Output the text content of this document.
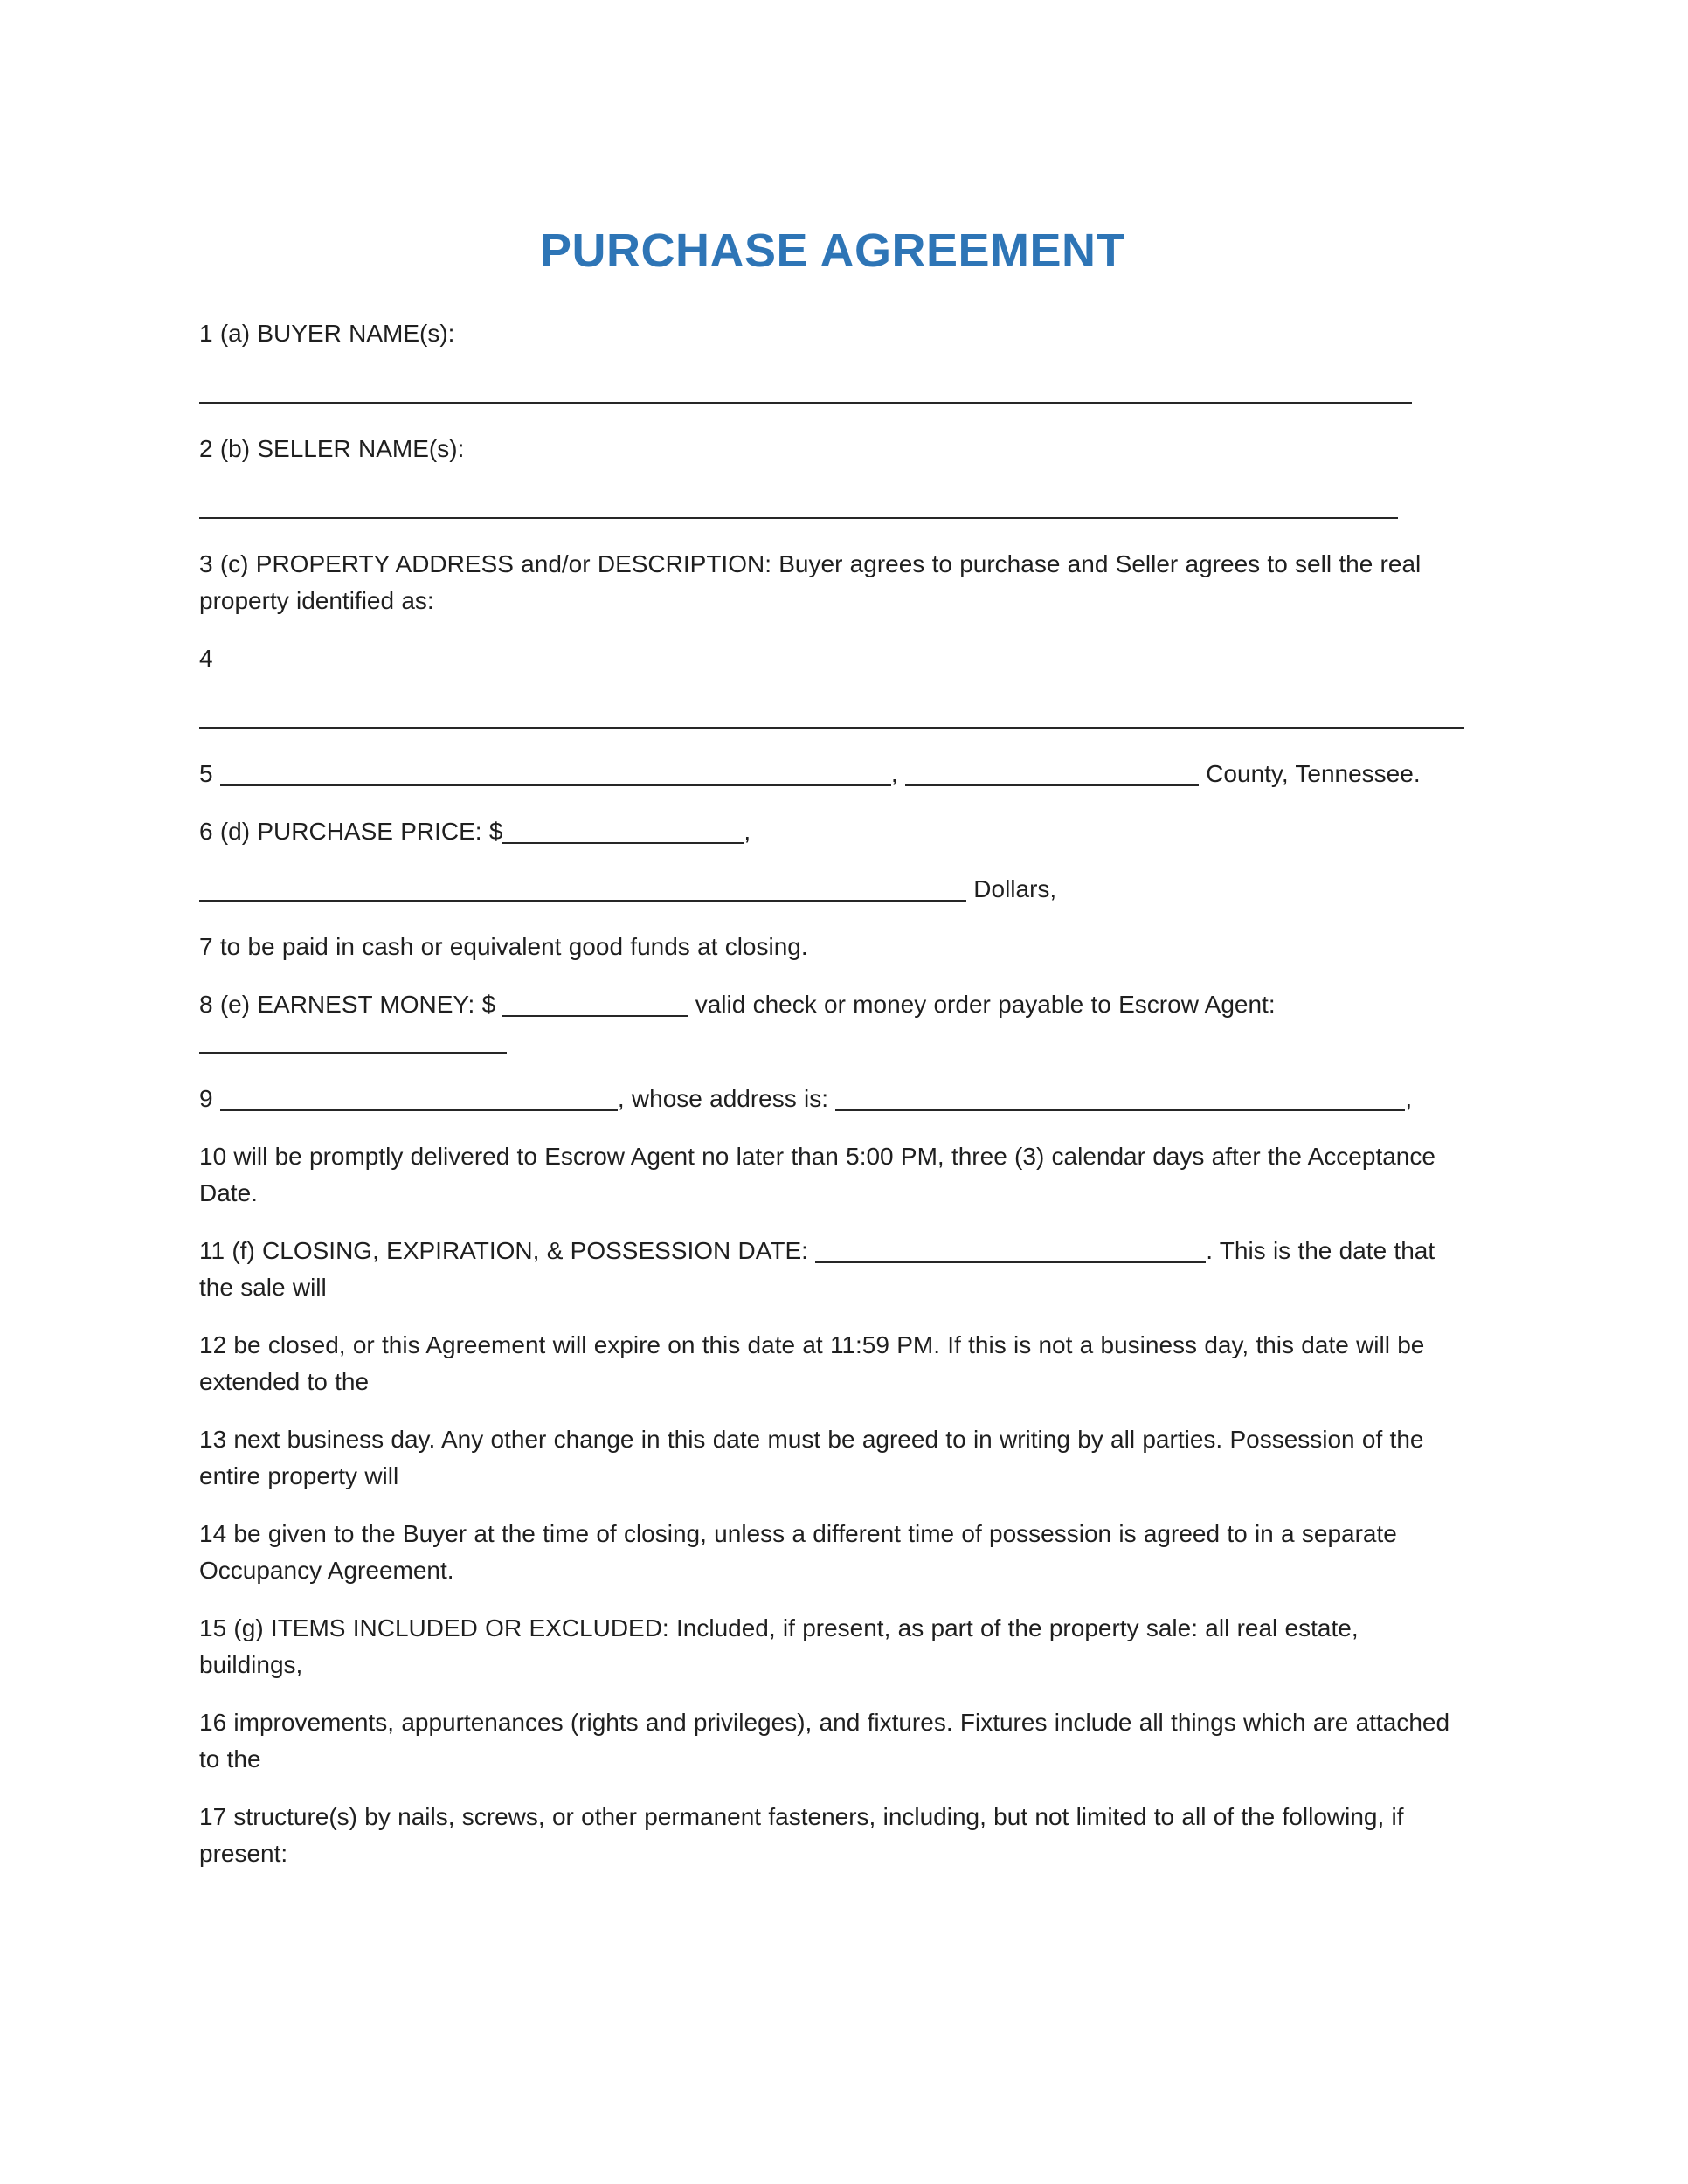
PURCHASE AGREEMENT

1 (a) BUYER NAME(s):

2 (b) SELLER NAME(s):

3 (c) PROPERTY ADDRESS and/or DESCRIPTION: Buyer agrees to purchase and Seller agrees to sell the real property identified as:

4

5	,	County, Tennessee.

6 (d) PURCHASE PRICE: $	,

Dollars,

7 to be paid in cash or equivalent good funds at closing.

8 (e) EARNEST MONEY: $	valid check or money order payable to Escrow Agent:

9	, whose address is:	,

10 will be promptly delivered to Escrow Agent no later than 5:00 PM, three (3) calendar days after the Acceptance Date.

11 (f) CLOSING, EXPIRATION, & POSSESSION DATE:	. This is the date that the sale will

12 be closed, or this Agreement will expire on this date at 11:59 PM. If this is not a business day, this date will be extended to the

13 next business day. Any other change in this date must be agreed to in writing by all parties. Possession of the entire property will

14 be given to the Buyer at the time of closing, unless a different time of possession is agreed to in a separate Occupancy Agreement.

15 (g) ITEMS INCLUDED OR EXCLUDED: Included, if present, as part of the property sale: all real estate, buildings,

16 improvements, appurtenances (rights and privileges), and fixtures. Fixtures include all things which are attached to the

17 structure(s) by nails, screws, or other permanent fasteners, including, but not limited to all of the following, if present:
